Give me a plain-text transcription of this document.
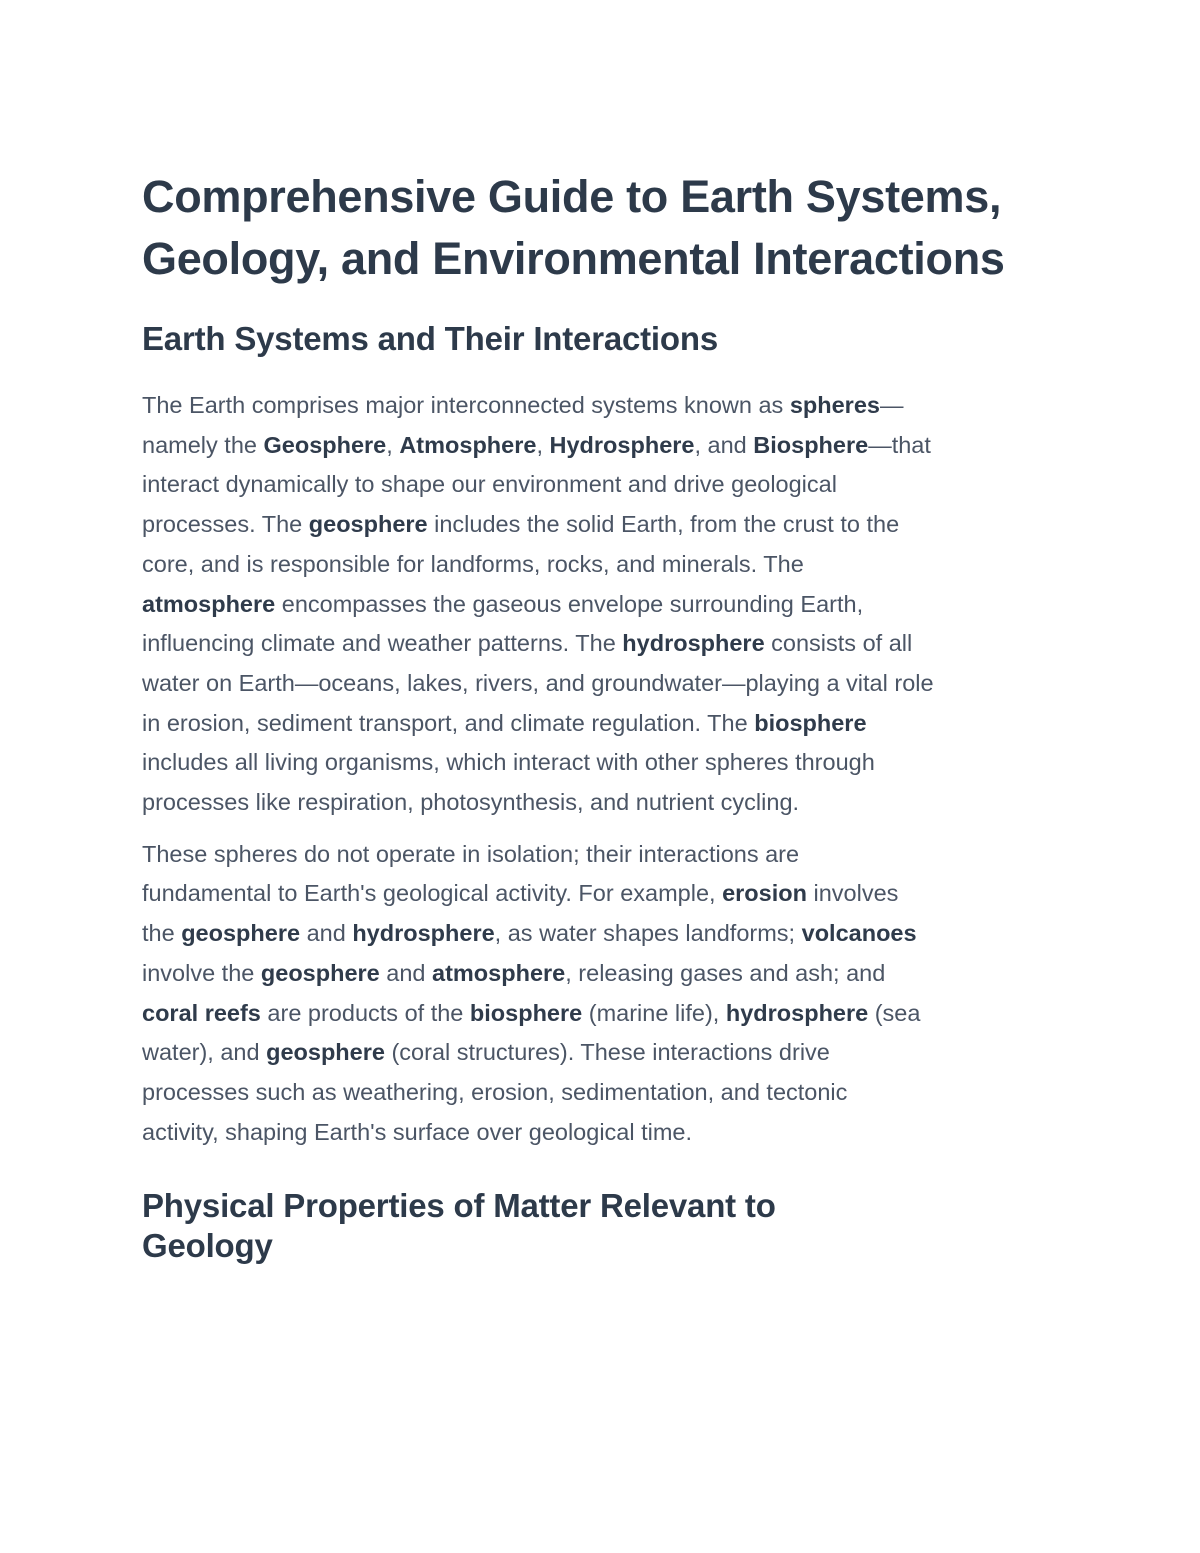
Comprehensive Guide to Earth Systems, Geology, and Environmental Interactions
Earth Systems and Their Interactions

The Earth comprises major interconnected systems known as spheres—
namely the Geosphere, Atmosphere, Hydrosphere, and Biosphere—that
interact dynamically to shape our environment and drive geological
processes. The geosphere includes the solid Earth, from the crust to the
core, and is responsible for landforms, rocks, and minerals. The
atmosphere encompasses the gaseous envelope surrounding Earth,
influencing climate and weather patterns. The hydrosphere consists of all
water on Earth—oceans, lakes, rivers, and groundwater—playing a vital role
in erosion, sediment transport, and climate regulation. The biosphere
includes all living organisms, which interact with other spheres through
processes like respiration, photosynthesis, and nutrient cycling.

These spheres do not operate in isolation; their interactions are
fundamental to Earth's geological activity. For example, erosion involves
the geosphere and hydrosphere, as water shapes landforms; volcanoes
involve the geosphere and atmosphere, releasing gases and ash; and
coral reefs are products of the biosphere (marine life), hydrosphere (sea
water), and geosphere (coral structures). These interactions drive
processes such as weathering, erosion, sedimentation, and tectonic
activity, shaping Earth's surface over geological time.

Physical Properties of Matter Relevant to
Geology
